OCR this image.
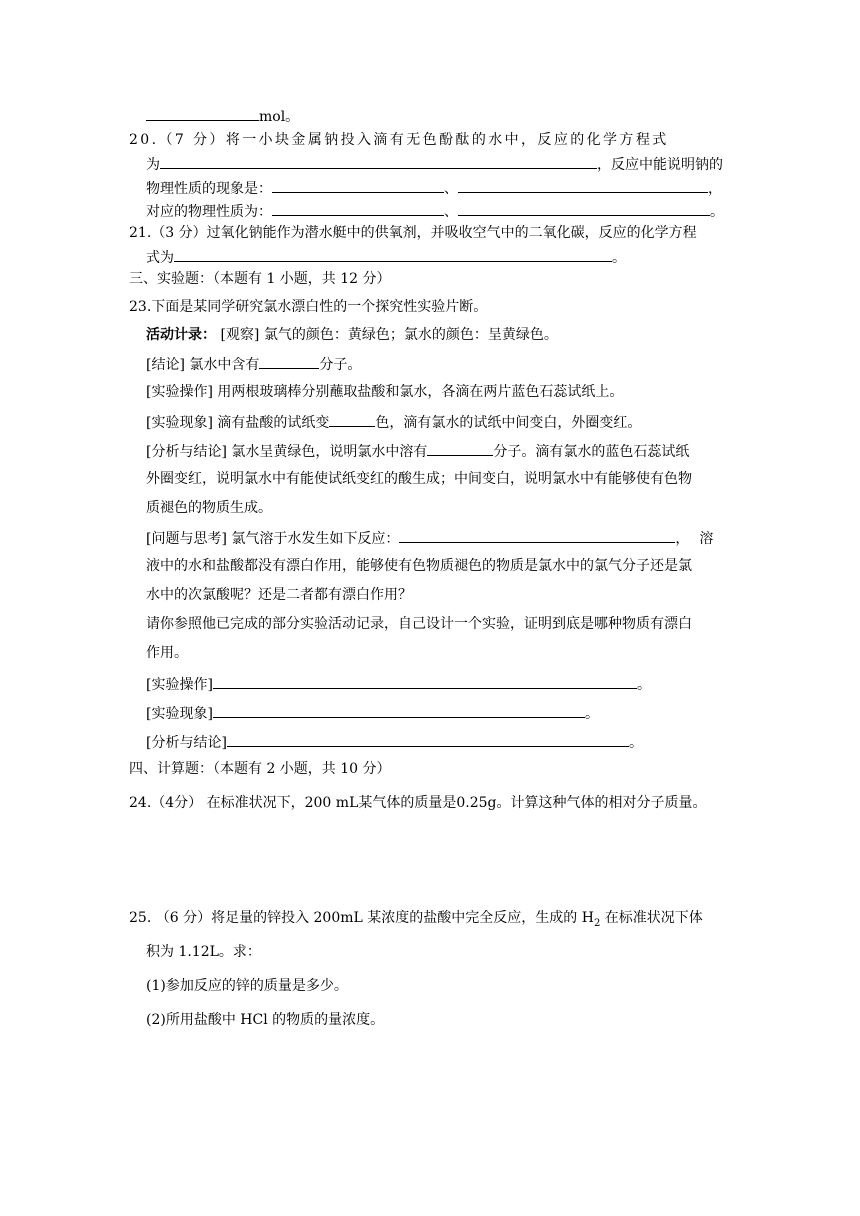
mol。
20.（7 分）将一小块金属钠投入滴有无色酚酞的水中，反应的化学方程式
为	，反应中能说明钠的
物理性质的现象是：	、	，
对应的物理性质为：	、	。
21.（3 分）过氧化钠能作为潜水艇中的供氧剂，并吸收空气中的二氧化碳，反应的化学方程
式为	。
三、实验题：（本题有 1 小题，共 12 分）
23.下面是某同学研究氯水漂白性的一个探究性实验片断。
活动计录： [观察] 氯气的颜色：黄绿色；氯水的颜色：呈黄绿色。
[结论] 氯水中含有	分子。
[实验操作] 用两根玻璃棒分别蘸取盐酸和氯水，各滴在两片蓝色石蕊试纸上。
[实验现象] 滴有盐酸的试纸变	色，滴有氯水的试纸中间变白，外圈变红。
[分析与结论] 氯水呈黄绿色，说明氯水中溶有	分子。滴有氯水的蓝色石蕊试纸
外圈变红，说明氯水中有能使试纸变红的酸生成；中间变白，说明氯水中有能够使有色物
质褪色的物质生成。
[问题与思考] 氯气溶于水发生如下反应：	，溶
液中的水和盐酸都没有漂白作用，能够使有色物质褪色的物质是氯水中的氯气分子还是氯
水中的次氯酸呢？还是二者都有漂白作用？
请你参照他已完成的部分实验活动记录，自己设计一个实验，证明到底是哪种物质有漂白
作用。
[实验操作]	。
[实验现象]	。
[分析与结论]	。
四、计算题：（本题有 2 小题，共 10 分）
24.（4分） 在标准状况下，200 mL某气体的质量是0.25g。计算这种气体的相对分子质量。
25. （6 分）将足量的锌投入 200mL 某浓度的盐酸中完全反应，生成的 $H_2$ 在标准状况下体
积为 1.12L。求：
(1)参加反应的锌的质量是多少。
(2)所用盐酸中 HCl 的物质的量浓度。
